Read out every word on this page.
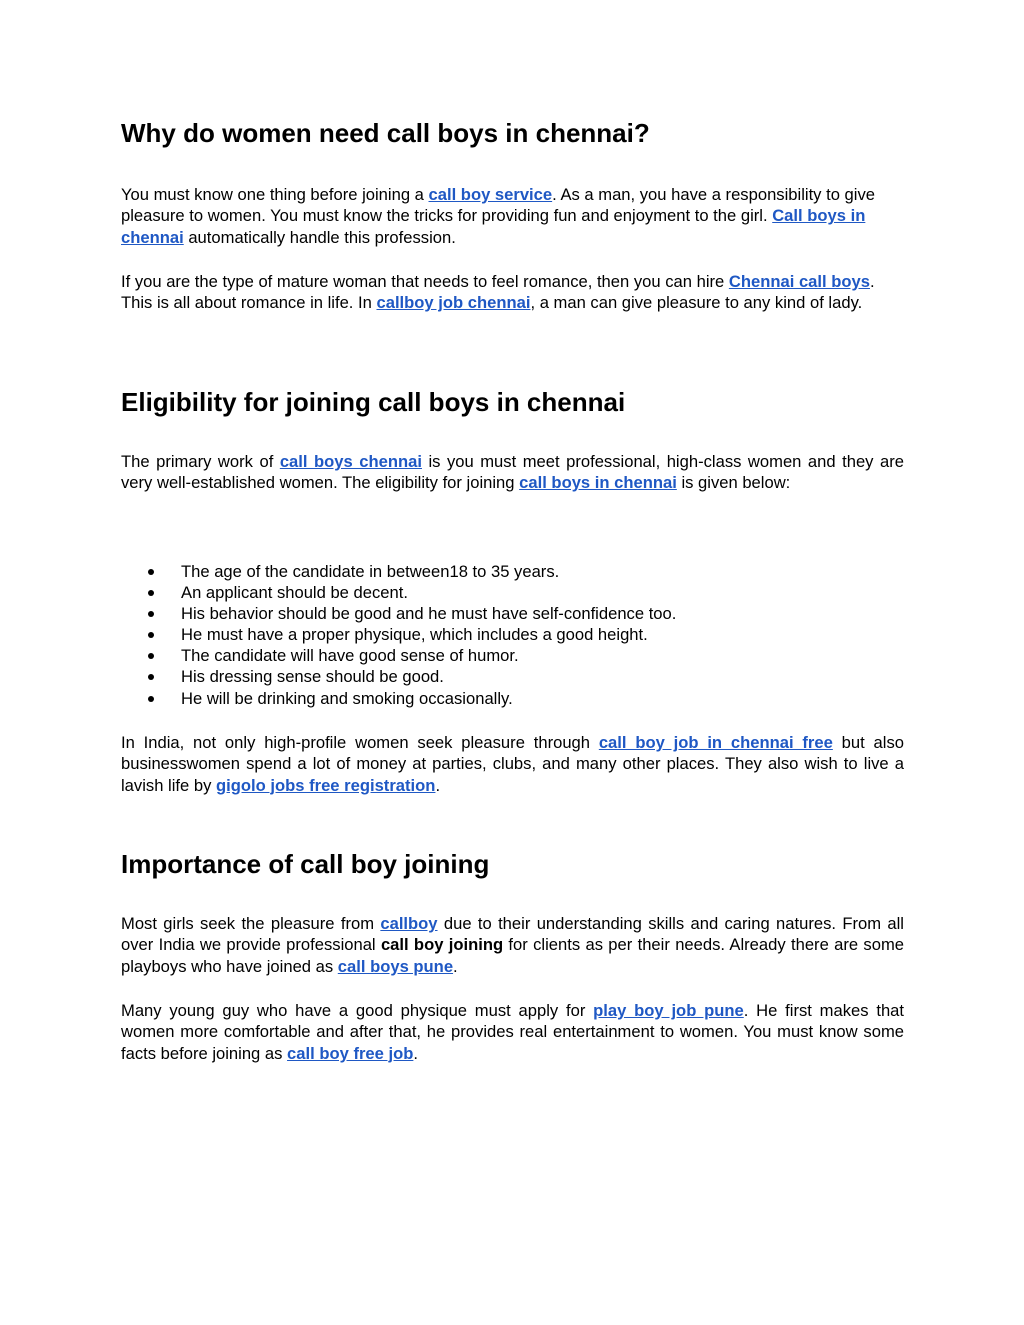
Why do women need call boys in chennai?

You must know one thing before joining a call boy service. As a man, you have a responsibility to give pleasure to women. You must know the tricks for providing fun and enjoyment to the girl. Call boys in chennai automatically handle this profession.

If you are the type of mature woman that needs to feel romance, then you can hire Chennai call boys. This is all about romance in life. In callboy job chennai, a man can give pleasure to any kind of lady.

Eligibility for joining call boys in chennai

The primary work of call boys chennai is you must meet professional, high-class women and they are very well-established women. The eligibility for joining call boys in chennai is given below:

The age of the candidate in between18 to 35 years.
An applicant should be decent.
His behavior should be good and he must have self-confidence too.
He must have a proper physique, which includes a good height.
The candidate will have good sense of humor.
His dressing sense should be good.
He will be drinking and smoking occasionally.

In India, not only high-profile women seek pleasure through call boy job in chennai free but also businesswomen spend a lot of money at parties, clubs, and many other places. They also wish to live a lavish life by gigolo jobs free registration.

Importance of call boy joining

Most girls seek the pleasure from callboy due to their understanding skills and caring natures. From all over India we provide professional call boy joining for clients as per their needs. Already there are some playboys who have joined as call boys pune.

Many young guy who have a good physique must apply for play boy job pune. He first makes that women more comfortable and after that, he provides real entertainment to women. You must know some facts before joining as call boy free job.
